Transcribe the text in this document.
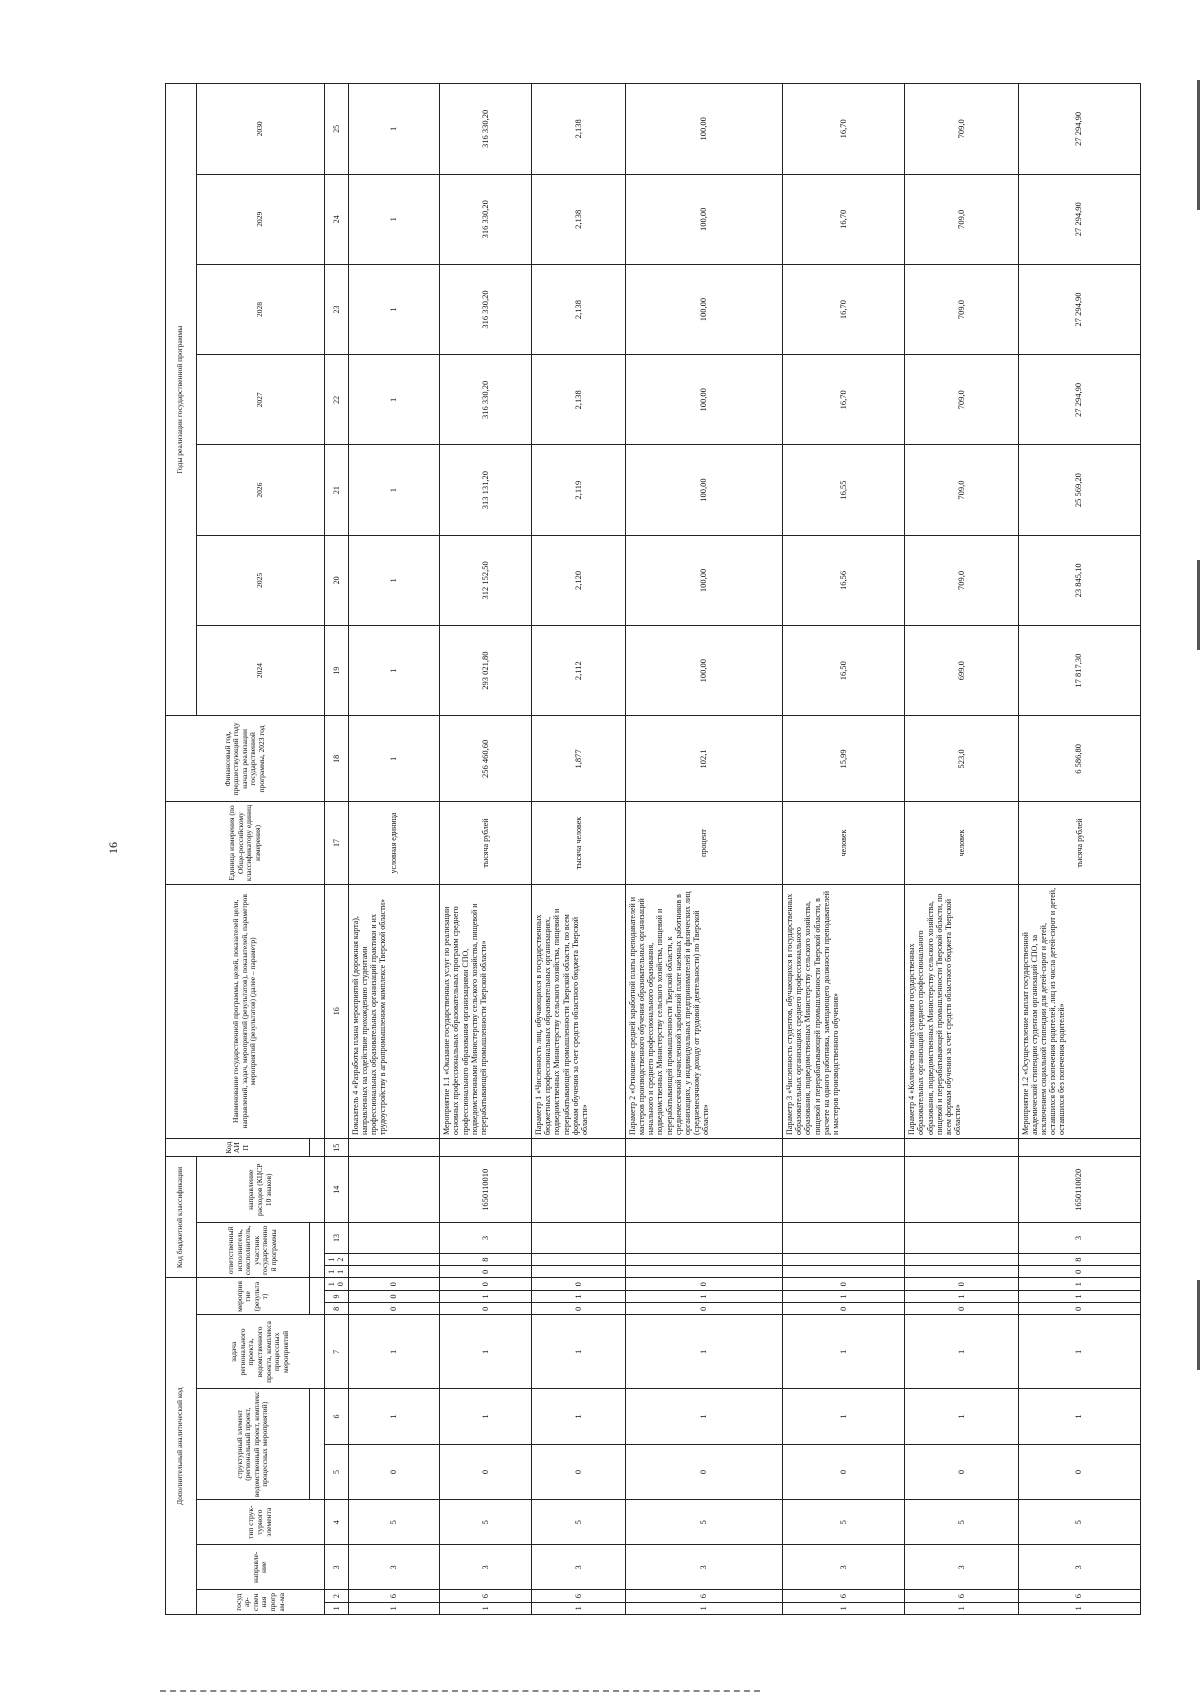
16
Дополнительный аналитический код										Код бюджетной классификации				Код АИП	Наименование государственной программы, целей, показателей цели, направлений, задач, мероприятий (результатов), показателей, параметров мероприятий (результатов) (далее – параметр)	Единица измерения (по Обще-российскому классификатору единиц измерения)	Финансовый год, предшествующий году начала реализации государственной программы, 2023 год	Годы реализации государственной программы						
государ-ственная програм-ма		направле-ние	тип струк-турного элемента	структурный элемент (региональный проект, ведомственный проект, комплекс процессных мероприятий)		задача регионального проекта, ведомственного проекта, комплекса процессных мероприятий	мероприятие (результат)			ответственный исполнитель, соисполнитель, участник государственной программы			направление расходов (КЦСР 10 знаков)					2024	2025	2026	2027	2028	2029	2030

1	2	3	4	5	6	7	8	9	10	11	12	13	14	15	16	17	18	19	20	21	22	23	24	25
1	6	3	5	0	1	1	0	0	0						Показатель 4 «Разработка плана мероприятий (дорожная карта), направленных на содействие прохождению студентами профессиональных образовательных организаций практики и их трудоустройству в агропромышленном комплексе Тверской области»	условная единица	1	1	1	1	1	1	1	1
1	6	3	5	0	1	1	0	1	0	0	8	3	1650110010		Мероприятие 1.1 «Оказание государственных услуг по реализации основных профессиональных образовательных программ среднего профессионального образования организациями СПО, подведомственными Министерству сельского хозяйства, пищевой и перерабатывающей промышленности Тверской области»	тысяча рублей	256 460,60	293 021,80	312 152,50	313 131,20	316 330,20	316 330,20	316 330,20	316 330,20
1	6	3	5	0	1	1	0	1	0						Параметр 1 «Численность лиц, обучающихся в государственных бюджетных профессиональных образовательных организациях, подведомственных Министерству сельского хозяйства, пищевой и перерабатывающей промышленности Тверской области, по всем формам обучения за счет средств областного бюджета Тверской области»	тысяча человек	1,877	2,112	2,120	2,119	2,138	2,138	2,138	2,138
1	6	3	5	0	1	1	0	1	0						Параметр 2 «Отношение средней заработной платы преподавателей и мастеров производственного обучения образовательных организаций начального и среднего профессионального образования, подведомственных Министерству сельского хозяйства, пищевой и перерабатывающей промышленности Тверской области, к среднемесячной начисленной заработной плате наемных работников в организациях, у индивидуальных предпринимателей и физических лиц (среднемесячному доходу от трудовой деятельности) по Тверской области»	процент	102,1	100,00	100,00	100,00	100,00	100,00	100,00	100,00
1	6	3	5	0	1	1	0	1	0						Параметр 3 «Численность студентов, обучающихся в государственных образовательных организациях среднего профессионального образования, подведомственных Министерству сельского хозяйства, пищевой и перерабатывающей промышленности Тверской области, в расчете на одного работника, замещающего должности преподавателей и мастеров производственного обучения»	человек	15,99	16,50	16,56	16,55	16,70	16,70	16,70	16,70
1	6	3	5	0	1	1	0	1	0						Параметр 4 «Количество выпускников государственных образовательных организаций среднего профессионального образования, подведомственных Министерству сельского хозяйства, пищевой и перерабатывающей промышленности Тверской области, по всем формам обучения за счет средств областного бюджета Тверской области»	человек	523,0	699,0	709,0	709,0	709,0	709,0	709,0	709,0
1	6	3	5	0	1	1	0	1	1	0	8	3	1650110020		Мероприятие 1.2 «Осуществление выплат государственной академической стипендии студентам организаций СПО, за исключением социальной стипендии для детей-сирот и детей, оставшихся без попечения родителей, лиц из числа детей-сирот и детей, оставшихся без попечения родителей»	тысяча рублей	6 586,80	17 817,30	23 845,10	25 569,20	27 294,90	27 294,90	27 294,90	27 294,90
